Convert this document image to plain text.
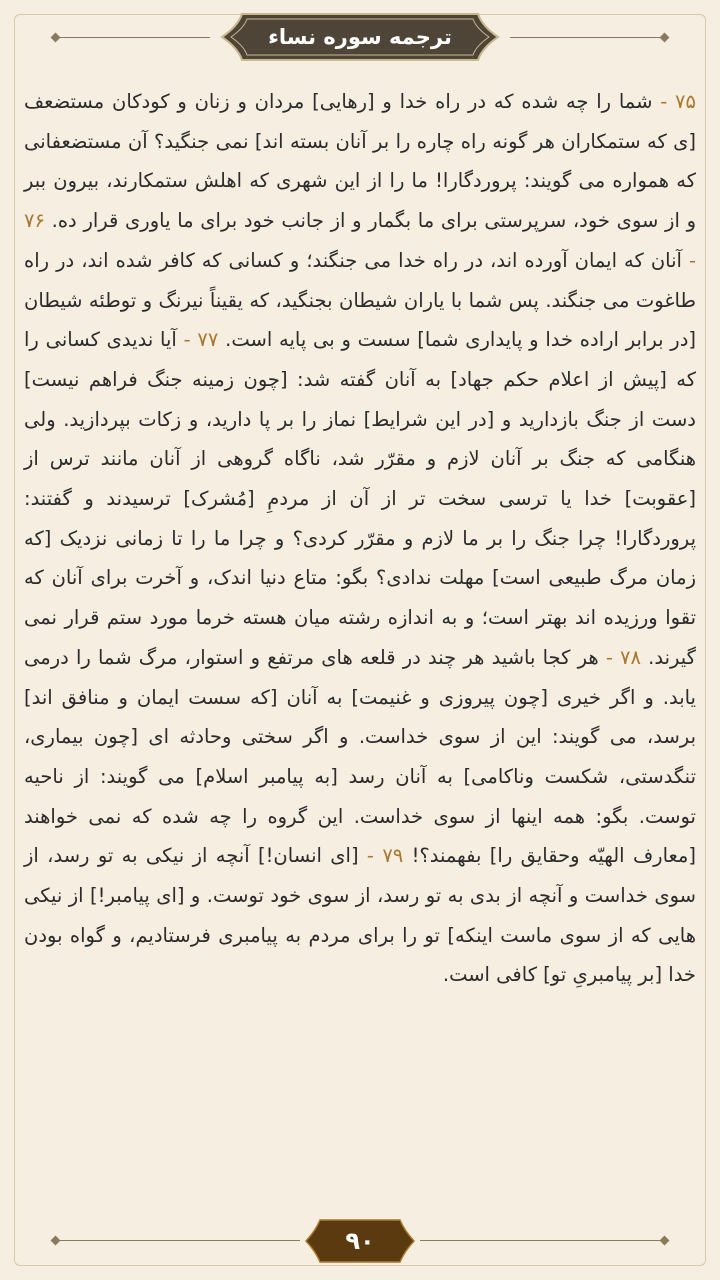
ترجمه سوره نساء
۷۵ - شما را چه شده که در راه خدا و [رهایی] مردان و زنان و کودکان مستضعف [ی که ستمکاران هر گونه راه چاره را بر آنان بسته اند] نمی جنگید؟ آن مستضعفانی که همواره می گویند: پروردگارا! ما را از این شهری که اهلش ستمکارند، بیرون ببر و از سوی خود، سرپرستی برای ما بگمار و از جانب خود برای ما یاوری قرار ده. ۷۶ - آنان که ایمان آورده اند، در راه خدا می جنگند؛ و کسانی که کافر شده اند، در راه طاغوت می جنگند. پس شما با یاران شیطان بجنگید، که یقیناً نیرنگ و توطئه شیطان [در برابر اراده خدا و پایداری شما] سست و بی پایه است. ۷۷ - آیا ندیدی کسانی را که [پیش از اعلام حکم جهاد] به آنان گفته شد: [چون زمینه جنگ فراهم نیست] دست از جنگ بازدارید و [در این شرایط] نماز را بر پا دارید، و زکات بپردازید. ولی هنگامی که جنگ بر آنان لازم و مقرّر شد، ناگاه گروهی از آنان مانند ترس از [عقوبت] خدا یا ترسی سخت تر از آن از مردمِ [مُشرک] ترسیدند و گفتند: پروردگارا! چرا جنگ را بر ما لازم و مقرّر کردی؟ و چرا ما را تا زمانی نزدیک [که زمان مرگ طبیعی است] مهلت ندادی؟ بگو: متاع دنیا اندک، و آخرت برای آنان که تقوا ورزیده اند بهتر است؛ و به اندازه رشته میان هسته خرما مورد ستم قرار نمی گیرند. ۷۸ - هر کجا باشید هر چند در قلعه های مرتفع و استوار، مرگ شما را درمی یابد. و اگر خیری [چون پیروزی و غنیمت] به آنان [که سست ایمان و منافق اند] برسد، می گویند: این از سوی خداست. و اگر سختی وحادثه ای [چون بیماری، تنگدستی، شکست وناکامی] به آنان رسد [به پیامبر اسلام] می گویند: از ناحیه توست. بگو: همه اینها از سوی خداست. این گروه را چه شده که نمی خواهند [معارف الهیّه وحقایق را] بفهمند؟! ۷۹ - [ای انسان!] آنچه از نیکی به تو رسد، از سوی خداست و آنچه از بدی به تو رسد، از سوی خود توست. و [ای پیامبر!] از نیکی هایی که از سوی ماست اینکه] تو را برای مردم به پیامبری فرستادیم، و گواه بودن خدا [بر پیامبریِ تو] کافی است.
۹۰
